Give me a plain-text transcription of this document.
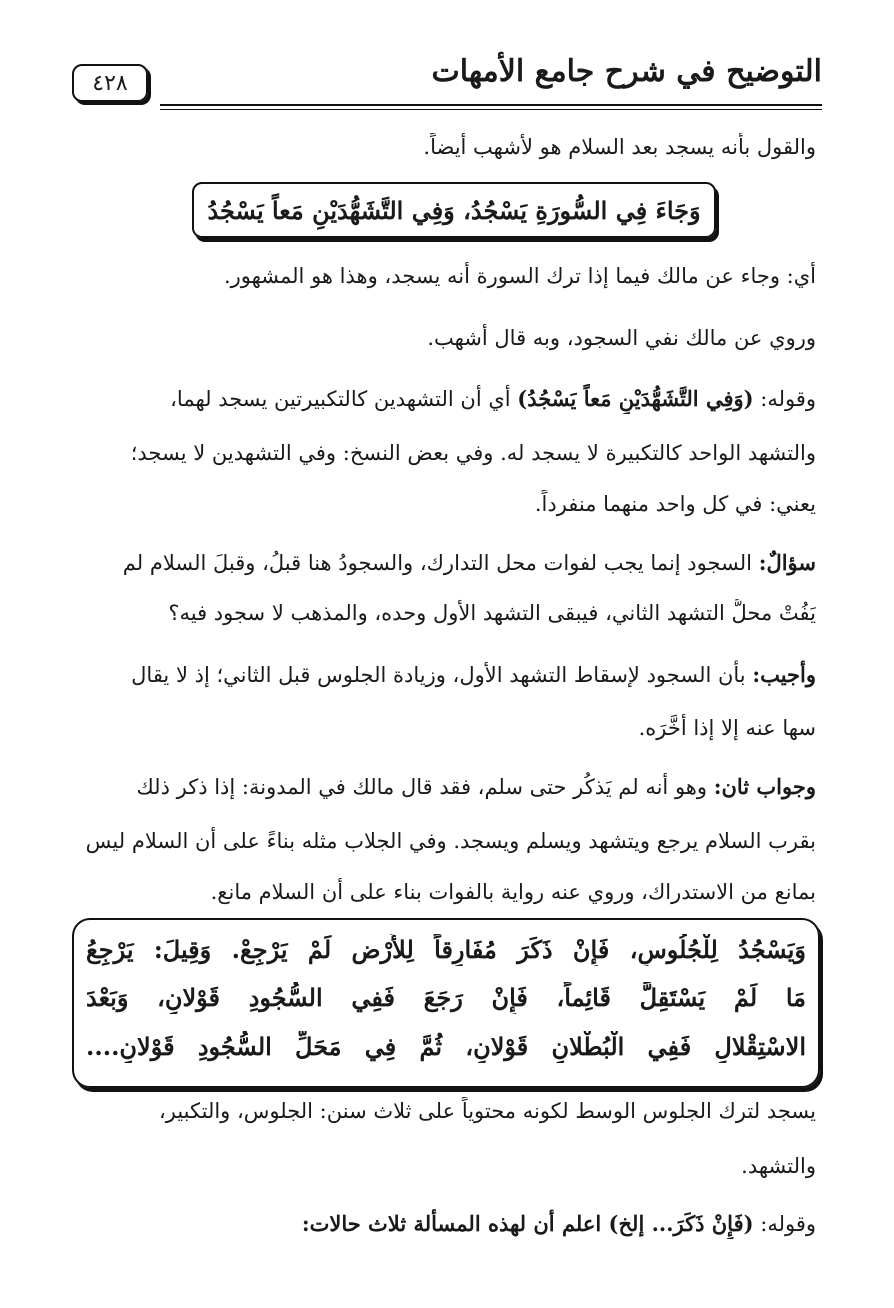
التوضيح في شرح جامع الأمهات
٤٢٨
والقول بأنه يسجد بعد السلام هو لأشهب أيضاً.
وَجَاءَ فِي السُّورَةِ يَسْجُدُ، وَفِي التَّشَهُّدَيْنِ مَعاً يَسْجُدُ
أي: وجاء عن مالك فيما إذا ترك السورة أنه يسجد، وهذا هو المشهور.
وروي عن مالك نفي السجود، وبه قال أشهب.
وقوله: (وَفِي التَّشَهُّدَيْنِ مَعاً يَسْجُدُ) أي أن التشهدين كالتكبيرتين يسجد لهما،
والتشهد الواحد كالتكبيرة لا يسجد له. وفي بعض النسخ: وفي التشهدين لا يسجد؛
يعني: في كل واحد منهما منفرداً.
سؤالٌ: السجود إنما يجب لفوات محل التدارك، والسجودُ هنا قبلُ، وقبلَ السلام لم
يَفُتْ محلُّ التشهد الثاني، فيبقى التشهد الأول وحده، والمذهب لا سجود فيه؟
وأجيب: بأن السجود لإسقاط التشهد الأول، وزيادة الجلوس قبل الثاني؛ إذ لا يقال
سها عنه إلا إذا أَخَّرَه.
وجواب ثان: وهو أنه لم يَذكُر حتى سلم، فقد قال مالك في المدونة: إذا ذكر ذلك
بقرب السلام يرجع ويتشهد ويسلم ويسجد. وفي الجلاب مثله بناءً على أن السلام ليس
بمانع من الاستدراك، وروي عنه رواية بالفوات بناء على أن السلام مانع.
وَيَسْجُدُ لِلْجُلُوسِ، فَإِنْ ذَكَرَ مُفَارِقاً لِلأَرْضِ لَمْ يَرْجِعْ. وَقِيلَ: يَرْجِعُ
مَا لَمْ يَسْتَقِلَّ قَائِماً، فَإِنْ رَجَعَ فَفِي السُّجُودِ قَوْلانِ، وَبَعْدَ
الاسْتِقْلالِ فَفِي الْبُطْلانِ قَوْلانِ، ثُمَّ فِي مَحَلِّ السُّجُودِ قَوْلانِ....
يسجد لترك الجلوس الوسط لكونه محتوياً على ثلاث سنن: الجلوس، والتكبير،
والتشهد.
وقوله: (فَإِنْ ذَكَرَ... إلخ) اعلم أن لهذه المسألة ثلاث حالات:
